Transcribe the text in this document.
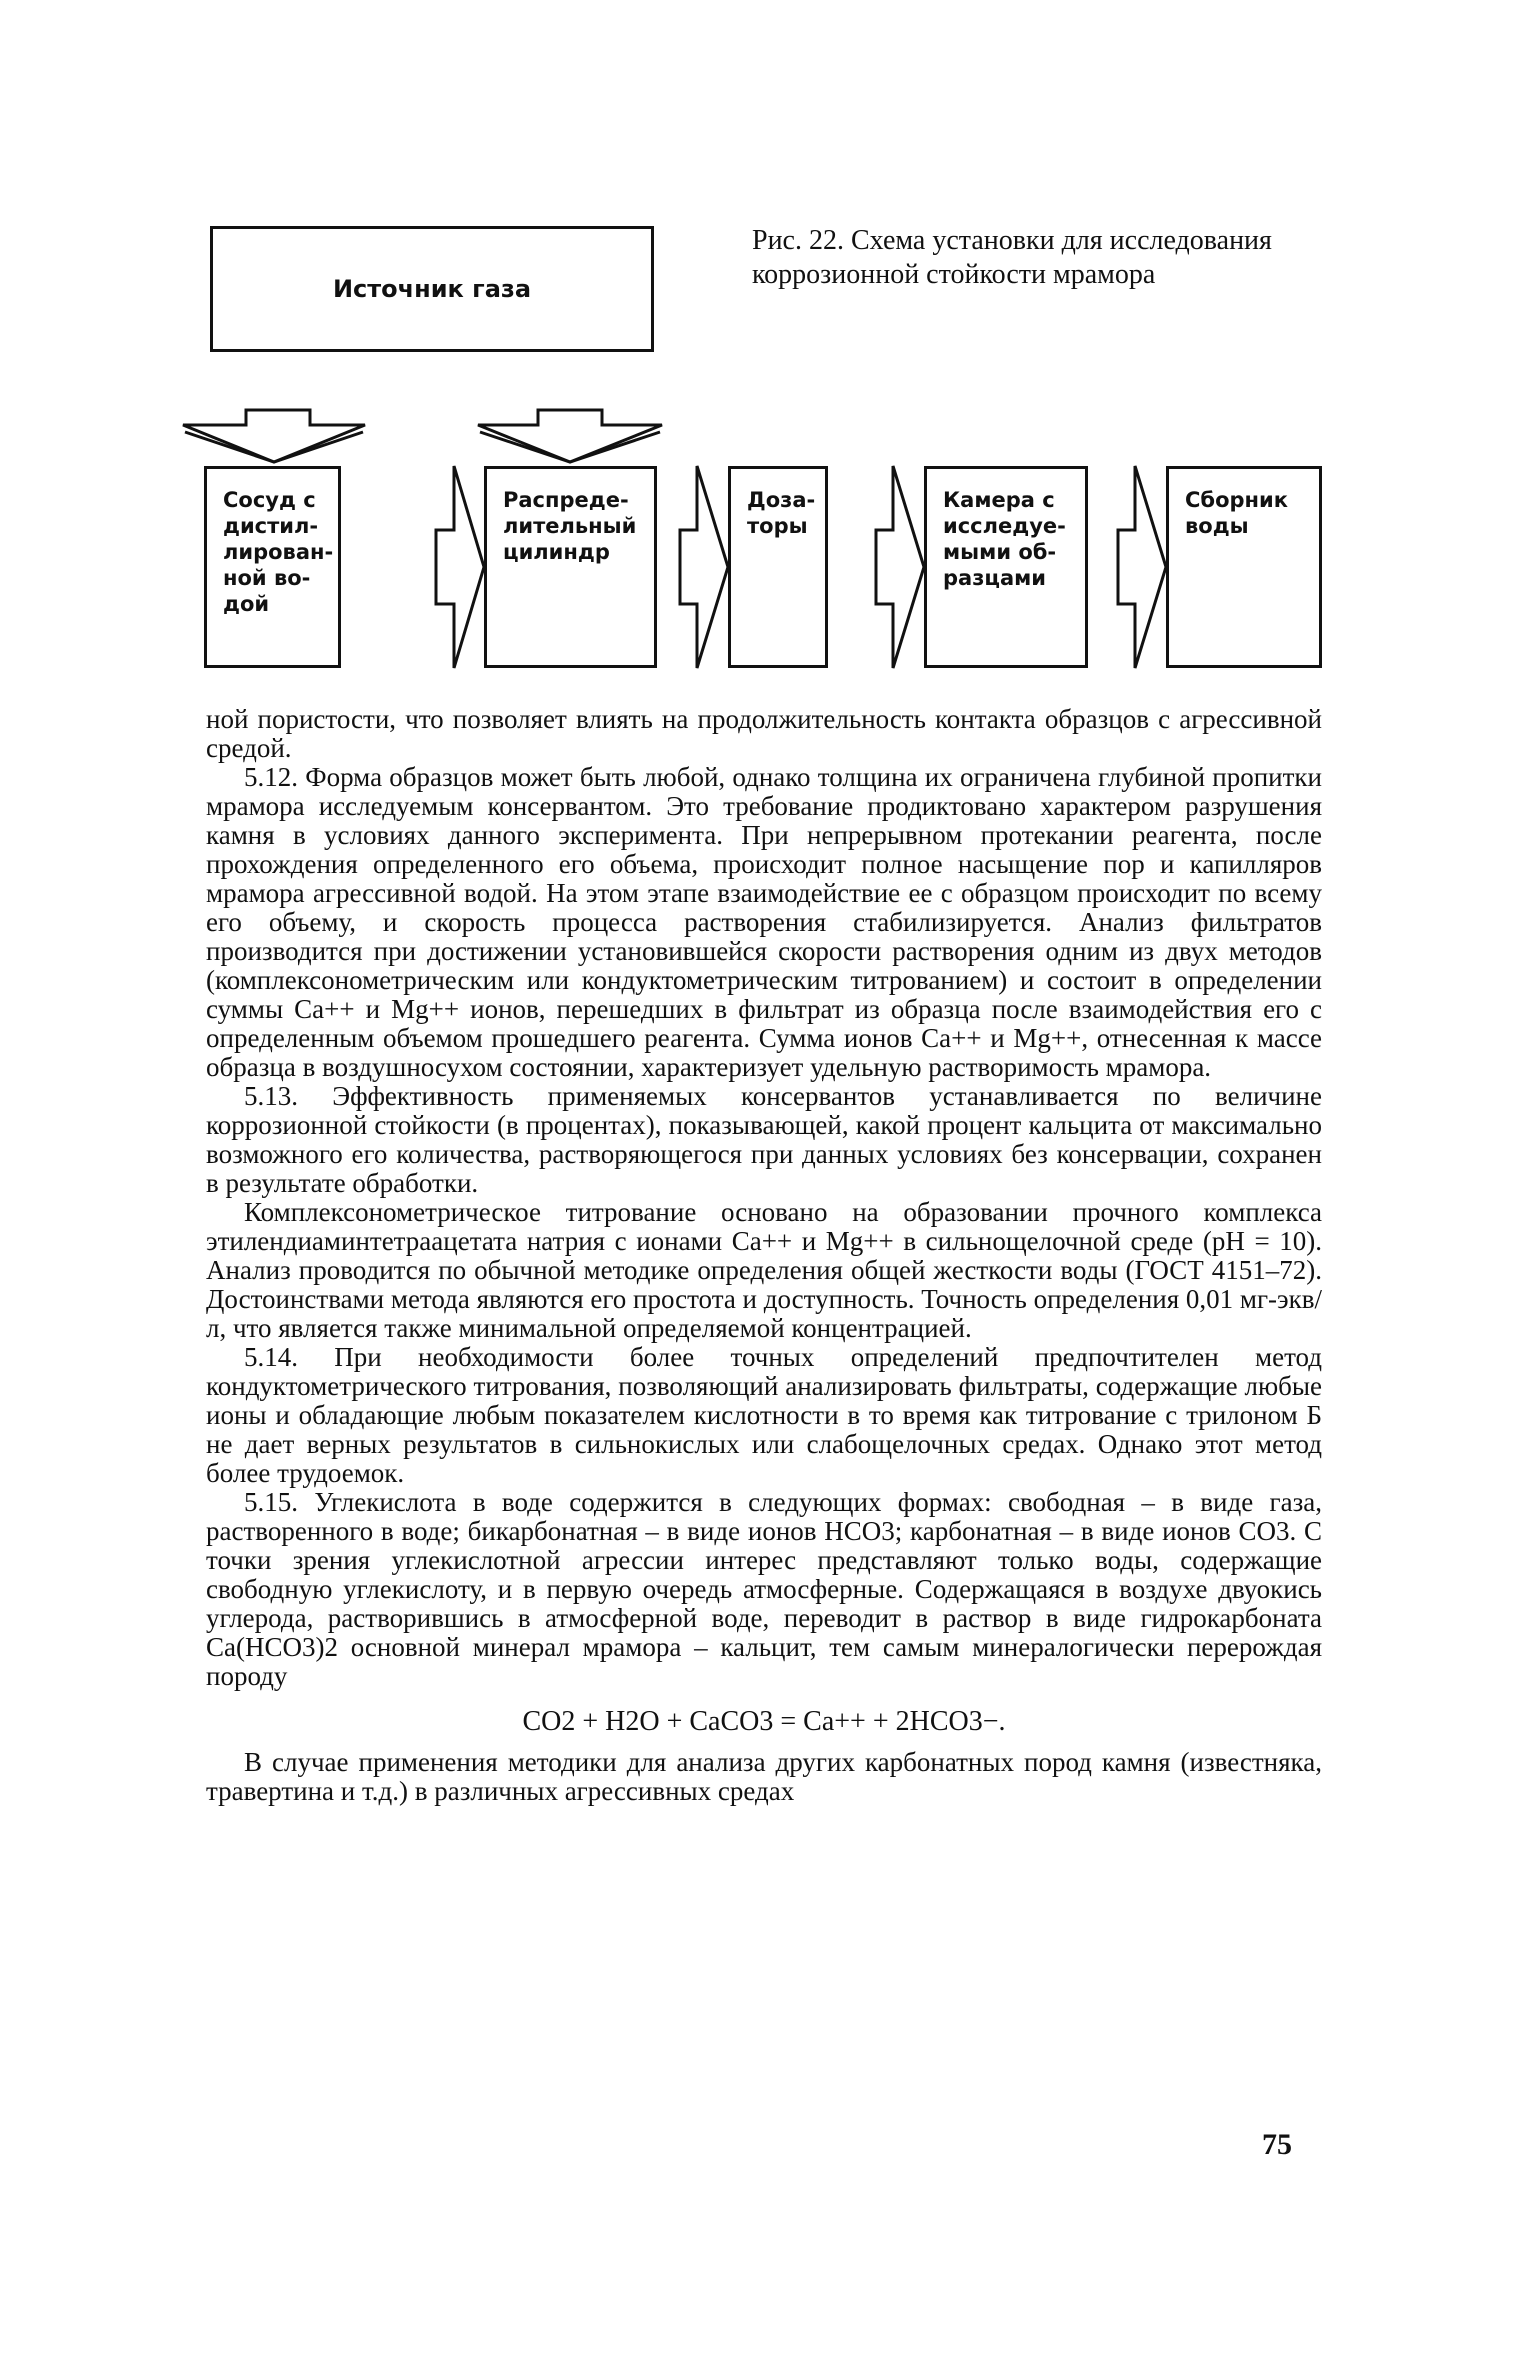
Источник газа
Сосуд с
дистил-
лирован-
ной во-
дой
Распреде-
лительный
цилиндр
Доза-
торы
Камера с
исследуе-
мыми об-
разцами
Сборник
воды
Рис. 22. Схема установки для исследования коррозионной стойкости мрамора

ной пористости, что позволяет влиять на продолжительность контакта образцов с агрессивной средой.

5.12. Форма образцов может быть любой, однако толщина их ограничена глубиной пропитки мрамора исследуемым консервантом. Это требование продиктовано характером разрушения камня в условиях данного эксперимента. При непрерывном протекании реагента, после прохождения определенного его объема, происходит полное насыщение пор и капилляров мрамора агрессивной водой. На этом этапе взаимодействие ее с образцом происходит по всему его объему, и скорость процесса растворения стабилизируется. Анализ фильтратов производится при достижении установившейся скорости растворения одним из двух методов (комплексонометрическим или кондуктометрическим титрованием) и состоит в определении суммы Ca++ и Mg++ ионов, перешедших в фильтрат из образца после взаимодействия его с определенным объемом прошедшего реагента. Сумма ионов Ca++ и Mg++, отнесенная к массе образца в воздушносухом состоянии, характеризует удельную растворимость мрамора.

5.13. Эффективность применяемых консервантов устанавливается по величине коррозионной стойкости (в процентах), показывающей, какой процент кальцита от максимально возможного его количества, растворяющегося при данных условиях без консервации, сохранен в результате обработки.

Комплексонометрическое титрование основано на образовании прочного комплекса этилендиаминтетраацетата натрия с ионами Ca++ и Mg++ в сильнощелочной среде (pH = 10). Анализ проводится по обычной методике определения общей жесткости воды (ГОСТ 4151–72). Достоинствами метода являются его простота и доступность. Точность определения 0,01 мг-экв/л, что является также минимальной определяемой концентрацией.

5.14. При необходимости более точных определений предпочтителен метод кондуктометрического титрования, позволяющий анализировать фильтраты, содержащие любые ионы и обладающие любым показателем кислотности в то время как титрование с трилоном Б не дает верных результатов в сильнокислых или слабощелочных средах. Однако этот метод более трудоемок.

5.15. Углекислота в воде содержится в следующих формах: свободная – в виде газа, растворенного в воде; бикарбонатная – в виде ионов HCO3; карбонатная – в виде ионов CO3. С точки зрения углекислотной агрессии интерес представляют только воды, содержащие свободную углекислоту, и в первую очередь атмосферные. Содержащаяся в воздухе двуокись углерода, растворившись в атмосферной воде, переводит в раствор в виде гидрокарбоната Ca(HCO3)2 основной минерал мрамора – кальцит, тем самым минералогически перерождая породу

CO2 + H2O + CaCO3 = Ca++ + 2HCO3−.

В случае применения методики для анализа других карбонатных пород камня (известняка, травертина и т.д.) в различных агрессивных средах

75
